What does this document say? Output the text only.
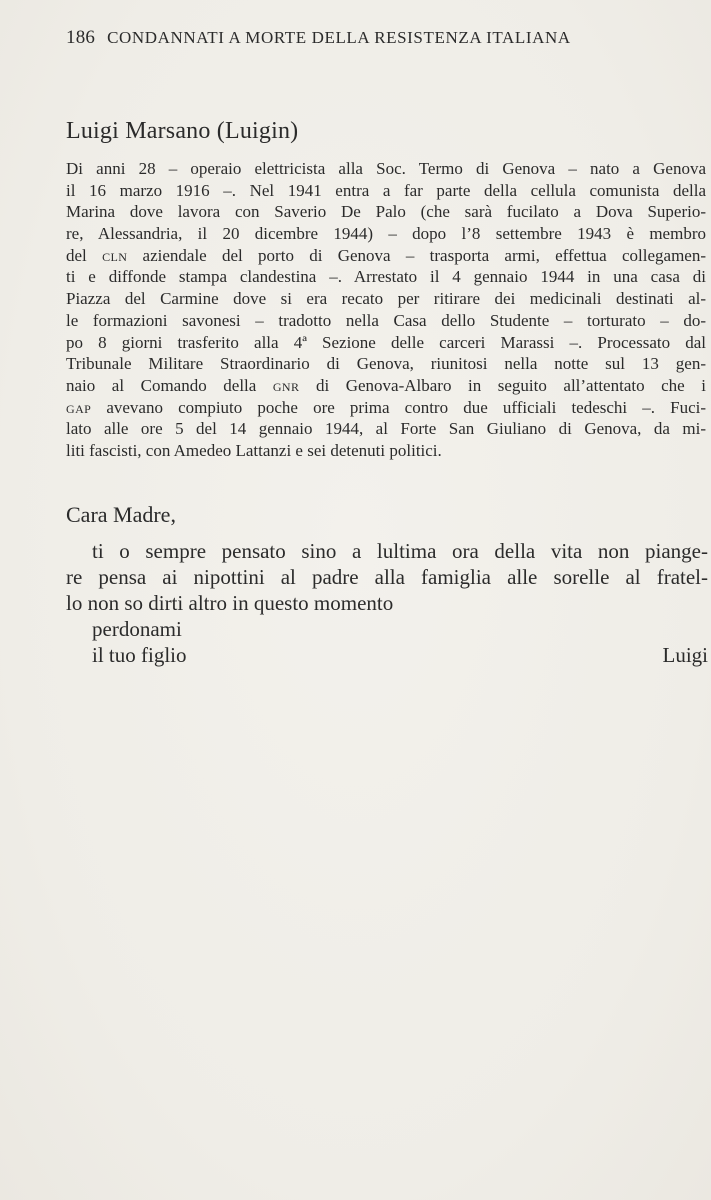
186 CONDANNATI A MORTE DELLA RESISTENZA ITALIANA
Luigi Marsano (Luigin)
Di anni 28 – operaio elettricista alla Soc. Termo di Genova – nato a Genova
il 16 marzo 1916 –. Nel 1941 entra a far parte della cellula comunista della
Marina dove lavora con Saverio De Palo (che sarà fucilato a Dova Superio-
re, Alessandria, il 20 dicembre 1944) – dopo l’8 settembre 1943 è membro
del cln aziendale del porto di Genova – trasporta armi, effettua collegamen-
ti e diffonde stampa clandestina –. Arrestato il 4 gennaio 1944 in una casa di
Piazza del Carmine dove si era recato per ritirare dei medicinali destinati al-
le formazioni savonesi – tradotto nella Casa dello Studente – torturato – do-
po 8 giorni trasferito alla 4ª Sezione delle carceri Marassi –. Processato dal
Tribunale Militare Straordinario di Genova, riunitosi nella notte sul 13 gen-
naio al Comando della gnr di Genova-Albaro in seguito all’attentato che i
gap avevano compiuto poche ore prima contro due ufficiali tedeschi –. Fuci-
lato alle ore 5 del 14 gennaio 1944, al Forte San Giuliano di Genova, da mi-
liti fascisti, con Amedeo Lattanzi e sei detenuti politici.
Cara Madre,
ti o sempre pensato sino a lultima ora della vita non piange-
re pensa ai nipottini al padre alla famiglia alle sorelle al fratel-
lo non so dirti altro in questo momento
perdonami
il tuo figlio	Luigi
